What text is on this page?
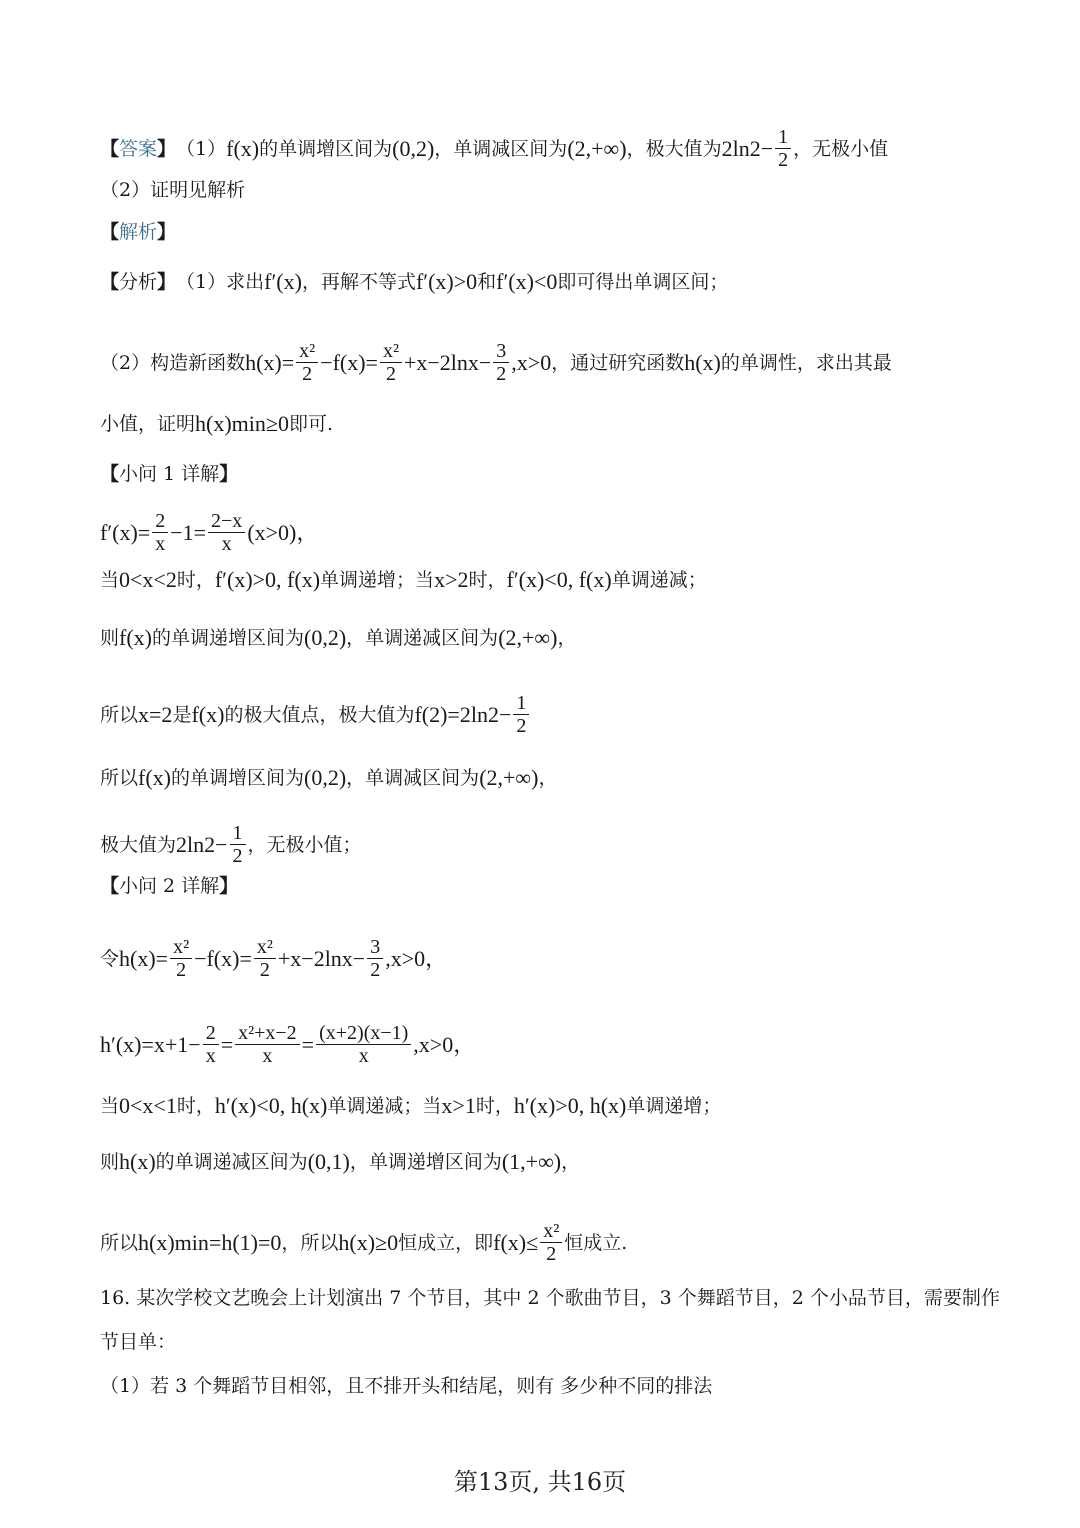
【 答案 】 （1） f(x) 的单调增区间为 (0,2) ，单调减区间为 (2,+∞) ，极大值为 $2\ln 2- \frac{1}{2}$ ，无极小值
（2）证明见解析
【 解析 】
【 分析 】 （1）求出 f′(x) ，再解不等式 f′(x)>0 和 f′(x)<0 即可得出单调区间；
（2）构造新函数 $h(x)= \frac{\text{x²}}{2} -f(x)= \frac{\text{x²}}{2} +x-2\ln x- \frac{3}{2} ,x>0$ ，通过研究函数 h(x) 的单调性，求出其最
小值，证明 h(x) min ≥0 即可.
【 小问 1 详解 】
$f'(x)= \frac{2}{x} -1= \frac{2-x}{x} (x>0)$，
当 0<x<2 时， f′(x)>0, f(x) 单调递增；当 x>2 时， f′(x)<0, f(x) 单调递减；
则 f(x) 的单调递增区间为 (0,2) ，单调递减区间为 (2,+∞) ，
所以 x=2 是 f(x) 的极大值点，极大值为 $f(2)=2\ln 2- \frac{1}{2}$
所以 f(x) 的单调增区间为 (0,2) ，单调减区间为 (2,+∞) ，
极大值为 $2\ln 2- \frac{1}{2}$ ，无极小值；
【 小问 2 详解 】
令 $h(x)= \frac{\text{x²}}{2} -f(x)= \frac{\text{x²}}{2} +x-2\ln x- \frac{3}{2} ,x>0$，
$h'(x)=x+1- \frac{2}{x} = \frac{\text{x²+x−2}}{x} = \frac{(x+2)(x-1)}{x} ,x>0$，
当 0<x<1 时， h′(x)<0, h(x) 单调递减；当 x>1 时， h′(x)>0, h(x) 单调递增；
则 h(x) 的单调递减区间为 (0,1) ，单调递增区间为 (1,+∞) ，
所以 h(x) min =h(1)=0 ，所以 h(x)≥0 恒成立，即 $f(x)\le \frac{\text{x²}}{2}$ 恒成立.
16. 某次学校文艺晚会上计划演出 7 个节目，其中 2 个歌曲节目，3 个舞蹈节目，2 个小品节目，需要制作
节目单：
（1）若 3 个舞蹈节目相邻，且不排开头和结尾，则有 多少种不同的排法
第13页, 共16页
